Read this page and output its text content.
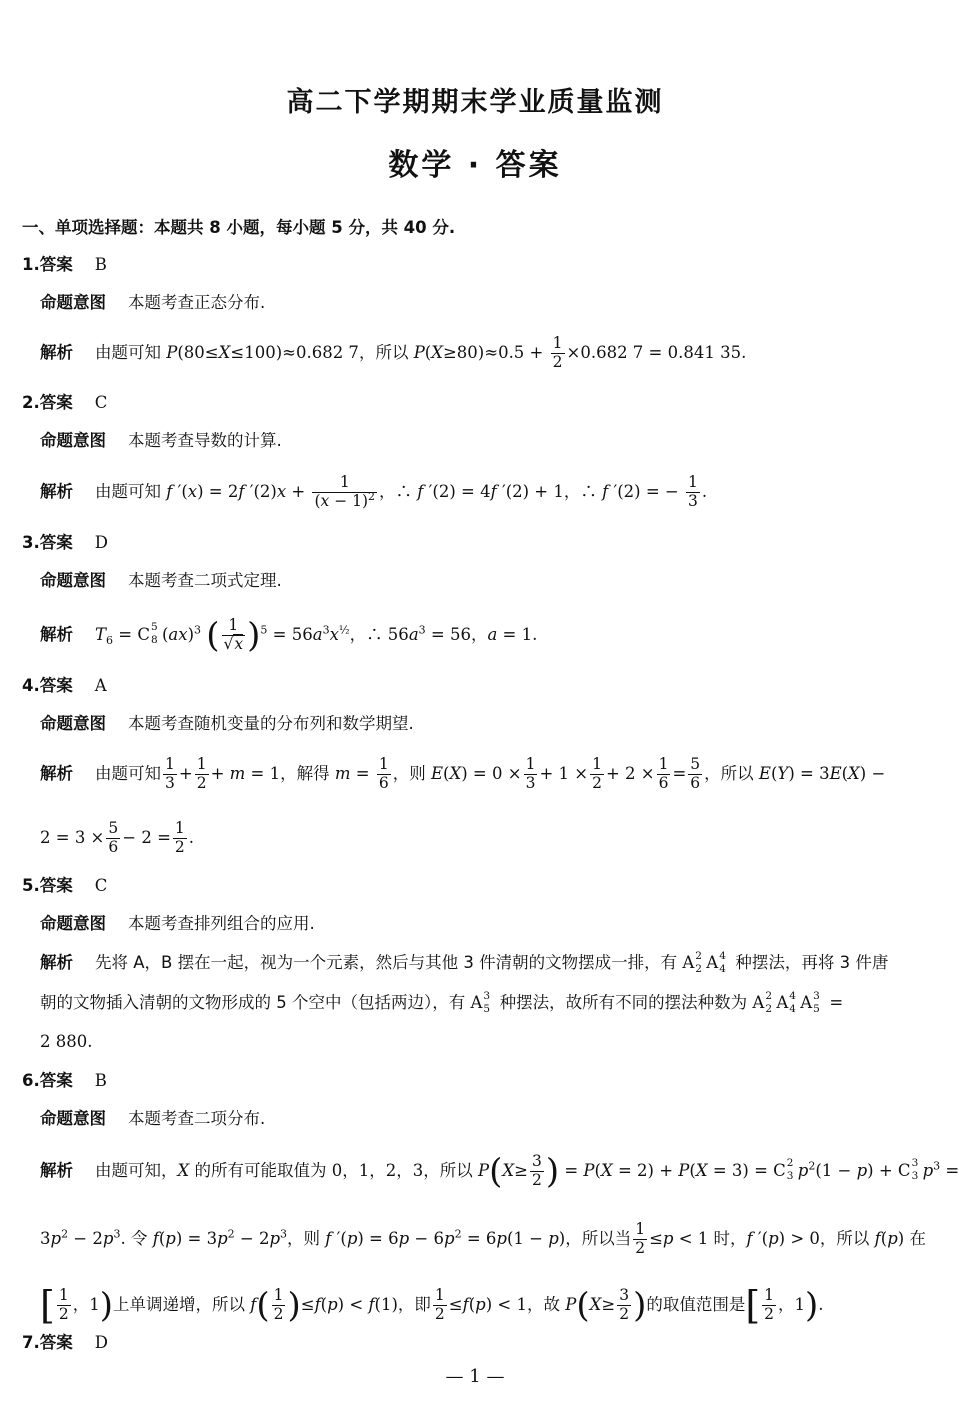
高二下学期期末学业质量监测
数学 · 答案
一、单项选择题：本题共 8 小题，每小题 5 分，共 40 分.
1.答案 B
命题意图 本题考查正态分布.
解析 由题可知 P(80≤X≤100)≈0.682 7，所以 $P(X\ge 80)\approx 0.5 + \frac{1}{2} \times 0.682$ 7 = 0.841 35.
2.答案 C
命题意图 本题考查导数的计算.
解析 由题可知 f ′(x) = 2f $'(2)x + \frac{1}{(x - 1)^2}$ ，∴ f ′(2) = 4f ′(2) + 1，∴ f ′(2) = − $\frac{1}{3}$ .
3.答案 D
命题意图 本题考查二项式定理.
解析 $T_6 = C$ 5
8 (ax)$^3$ ( $\frac{1}{√x} )^5 = 56a^3x^{\frac{1}{2}}$，∴ $56a^3 = 56$，a = 1.
4.答案 A
命题意图 本题考查随机变量的分布列和数学期望.
解析 由题可知 $\frac{1}{3} + \frac{1}{2} + m = 1$，解得 $m = \frac{1}{6}$ ，则 $E(X) = 0 \times \frac{1}{3} + 1 \times \frac{1}{2} + 2 \times \frac{1}{6} = \frac{5}{6}$ ，所以 E(Y) = 3E(X) −
$2 = 3 \times \frac{5}{6} - 2 = \frac{1}{2}$ .
5.答案 C
命题意图 本题考查排列组合的应用.
解析 先将 A，B 摆在一起，视为一个元素，然后与其他 3 件清朝的文物摆成一排，有 A 2
2 A 4
4 种摆法，再将 3 件唐
朝的文物插入清朝的文物形成的 5 个空中（包括两边），有 A 3
5 种摆法，故所有不同的摆法种数为 A 2
2 A 4
4 A 3
5 =
2 880.
6.答案 B
命题意图 本题考查二项分布.
解析 由题可知，X 的所有可能取值为 0，1，2，3，所以 $P(X\ge \frac{3}{2}$ ) = P(X = 2) + P(X = 3) = C 2
3 $p^2(1 - p) + C$ 3
3 $p^3$ =
$3p^2 - 2p^3$. 令 $f(p) = 3p^2 - 2p^3$，则 f $'(p) = 6p - 6p^2 = 6p(1 - p)$，所以当 $\frac{1}{2} \le p < 1$ 时，f ′(p) > 0，所以 f(p) 在
[ $\frac{1}{2}$ ，1)上单调递增，所以 $f( \frac{1}{2} )\le f(p) < f(1)$，即 $\frac{1}{2} \le f(p) < 1$，故 $P(X\ge \frac{3}{2}$ )的取值范围是[ $\frac{1}{2}$ ，1).
7.答案 D
— 1 —
